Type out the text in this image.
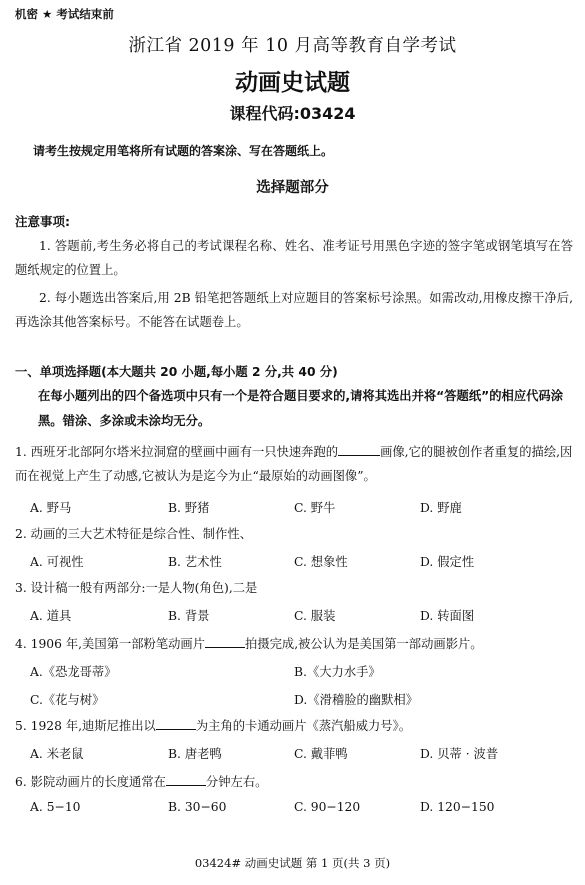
机密 ★ 考试结束前
浙江省 2019 年 10 月高等教育自学考试
动画史试题
课程代码:03424
请考生按规定用笔将所有试题的答案涂、写在答题纸上。
选择题部分
注意事项:
1. 答题前,考生务必将自己的考试课程名称、姓名、准考证号用黑色字迹的签字笔或钢笔填写在答题纸规定的位置上。
2. 每小题选出答案后,用 2B 铅笔把答题纸上对应题目的答案标号涂黑。如需改动,用橡皮擦干净后,再选涂其他答案标号。不能答在试题卷上。
一、单项选择题(本大题共 20 小题,每小题 2 分,共 40 分)
在每小题列出的四个备选项中只有一个是符合题目要求的,请将其选出并将“答题纸”的相应代码涂黑。错涂、多涂或未涂均无分。
1. 西班牙北部阿尔塔米拉洞窟的壁画中画有一只快速奔跑的	画像,它的腿被创作者重复的描绘,因而在视觉上产生了动感,它被认为是迄今为止“最原始的动画图像”。
A. 野马	B. 野猪	C. 野牛	D. 野鹿
2. 动画的三大艺术特征是综合性、制作性、
A. 可视性	B. 艺术性	C. 想象性	D. 假定性
3. 设计稿一般有两部分:一是人物(角色),二是
A. 道具	B. 背景	C. 服装	D. 转面图
4. 1906 年,美国第一部粉笔动画片	拍摄完成,被公认为是美国第一部动画影片。
A.《恐龙哥蒂》	B.《大力水手》
C.《花与树》	D.《滑稽脸的幽默相》
5. 1928 年,迪斯尼推出以	为主角的卡通动画片《蒸汽船威力号》。
A. 米老鼠	B. 唐老鸭	C. 戴菲鸭	D. 贝蒂 · 波普
6. 影院动画片的长度通常在	分钟左右。
A. 5−10	B. 30−60	C. 90−120	D. 120−150
03424# 动画史试题 第 1 页(共 3 页)
